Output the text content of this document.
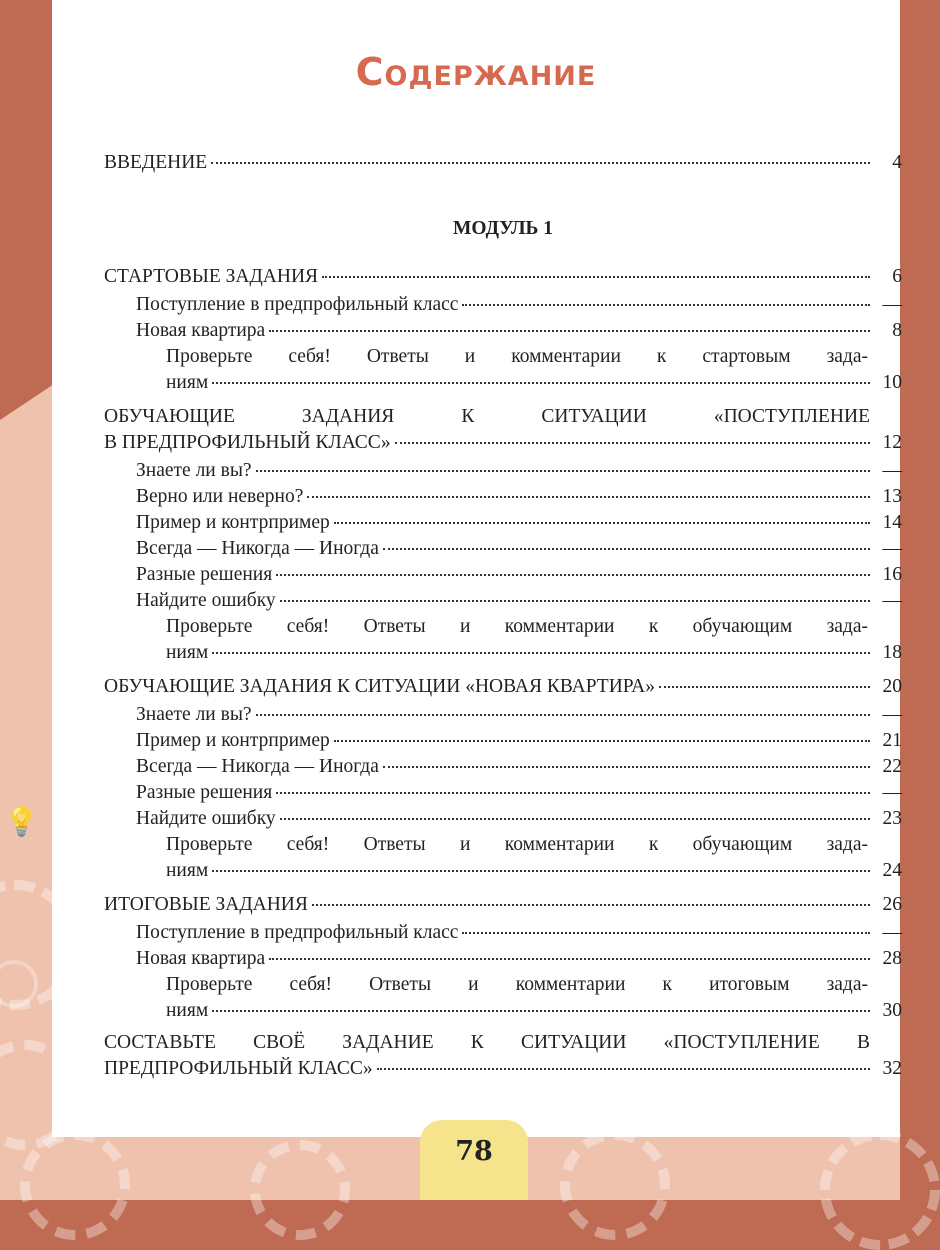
💡
Содержание
ВВЕДЕНИЕ	4
МОДУЛЬ 1
СТАРТОВЫЕ ЗАДАНИЯ	6
Поступление в предпрофильный класс	—
Новая квартира	8
Проверьте себя! Ответы и комментарии к стартовым зада-
ниям	10
ОБУЧАЮЩИЕ ЗАДАНИЯ К СИТУАЦИИ «ПОСТУПЛЕНИЕ
В ПРЕДПРОФИЛЬНЫЙ КЛАСС»	12
Знаете ли вы?	—
Верно или неверно?	13
Пример и контрпример	14
Всегда — Никогда — Иногда	—
Разные решения	16
Найдите ошибку	—
Проверьте себя! Ответы и комментарии к обучающим зада-
ниям	18
ОБУЧАЮЩИЕ ЗАДАНИЯ К СИТУАЦИИ «НОВАЯ КВАРТИРА»	20
Знаете ли вы?	—
Пример и контрпример	21
Всегда — Никогда — Иногда	22
Разные решения	—
Найдите ошибку	23
Проверьте себя! Ответы и комментарии к обучающим зада-
ниям	24
ИТОГОВЫЕ ЗАДАНИЯ	26
Поступление в предпрофильный класс	—
Новая квартира	28
Проверьте себя! Ответы и комментарии к итоговым зада-
ниям	30
СОСТАВЬТЕ СВОЁ ЗАДАНИЕ К СИТУАЦИИ «ПОСТУПЛЕНИЕ В
ПРЕДПРОФИЛЬНЫЙ КЛАСС»	32
78
